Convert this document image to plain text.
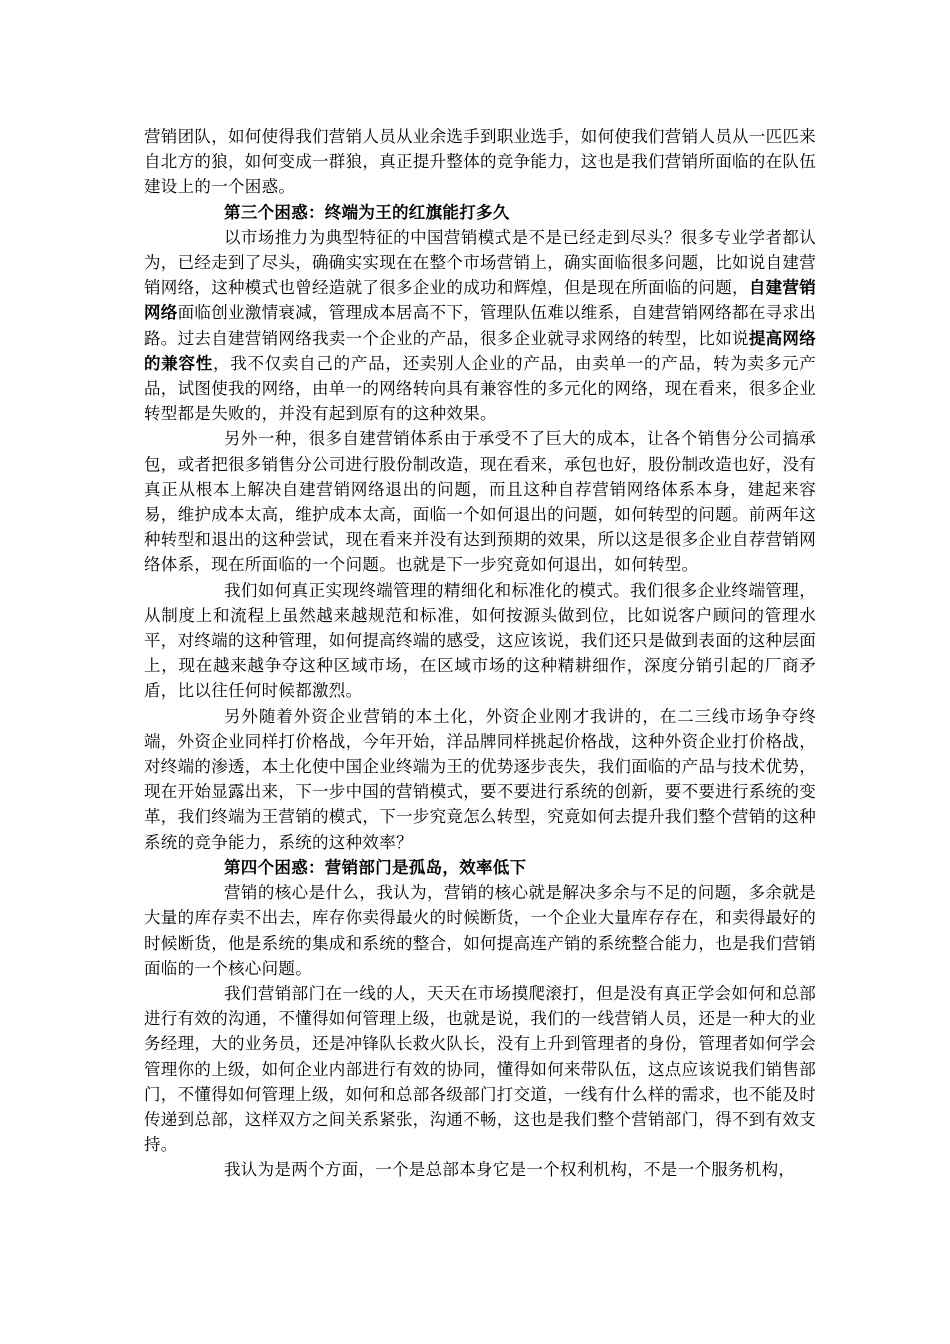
营销团队，如何使得我们营销人员从业余选手到职业选手，如何使我们营销人员从一匹匹来自北方的狼，如何变成一群狼，真正提升整体的竞争能力，这也是我们营销所面临的在队伍建设上的一个困惑。

第三个困惑：终端为王的红旗能打多久

以市场推力为典型特征的中国营销模式是不是已经走到尽头？很多专业学者都认为，已经走到了尽头，确确实实现在在整个市场营销上，确实面临很多问题，比如说自建营销网络，这种模式也曾经造就了很多企业的成功和辉煌，但是现在所面临的问题，自建营销网络面临创业激情衰减，管理成本居高不下，管理队伍难以维系，自建营销网络都在寻求出路。过去自建营销网络我卖一个企业的产品，很多企业就寻求网络的转型，比如说提高网络的兼容性，我不仅卖自己的产品，还卖别人企业的产品，由卖单一的产品，转为卖多元产品，试图使我的网络，由单一的网络转向具有兼容性的多元化的网络，现在看来，很多企业转型都是失败的，并没有起到原有的这种效果。

另外一种，很多自建营销体系由于承受不了巨大的成本，让各个销售分公司搞承包，或者把很多销售分公司进行股份制改造，现在看来，承包也好，股份制改造也好，没有真正从根本上解决自建营销网络退出的问题，而且这种自荐营销网络体系本身，建起来容易，维护成本太高，维护成本太高，面临一个如何退出的问题，如何转型的问题。前两年这种转型和退出的这种尝试，现在看来并没有达到预期的效果，所以这是很多企业自荐营销网络体系，现在所面临的一个问题。也就是下一步究竟如何退出，如何转型。

我们如何真正实现终端管理的精细化和标准化的模式。我们很多企业终端管理，从制度上和流程上虽然越来越规范和标准，如何按源头做到位，比如说客户顾问的管理水平，对终端的这种管理，如何提高终端的感受，这应该说，我们还只是做到表面的这种层面上，现在越来越争夺这种区域市场，在区域市场的这种精耕细作，深度分销引起的厂商矛盾，比以往任何时候都激烈。

另外随着外资企业营销的本土化，外资企业刚才我讲的，在二三线市场争夺终端，外资企业同样打价格战，今年开始，洋品牌同样挑起价格战，这种外资企业打价格战，对终端的渗透，本土化使中国企业终端为王的优势逐步丧失，我们面临的产品与技术优势，现在开始显露出来，下一步中国的营销模式，要不要进行系统的创新，要不要进行系统的变革，我们终端为王营销的模式，下一步究竟怎么转型，究竟如何去提升我们整个营销的这种系统的竞争能力，系统的这种效率？

第四个困惑：营销部门是孤岛，效率低下

营销的核心是什么，我认为，营销的核心就是解决多余与不足的问题，多余就是大量的库存卖不出去，库存你卖得最火的时候断货，一个企业大量库存存在，和卖得最好的时候断货，他是系统的集成和系统的整合，如何提高连产销的系统整合能力，也是我们营销面临的一个核心问题。

我们营销部门在一线的人，天天在市场摸爬滚打，但是没有真正学会如何和总部进行有效的沟通，不懂得如何管理上级，也就是说，我们的一线营销人员，还是一种大的业务经理，大的业务员，还是冲锋队长救火队长，没有上升到管理者的身份，管理者如何学会管理你的上级，如何企业内部进行有效的协同，懂得如何来带队伍，这点应该说我们销售部门，不懂得如何管理上级，如何和总部各级部门打交道，一线有什么样的需求，也不能及时传递到总部，这样双方之间关系紧张，沟通不畅，这也是我们整个营销部门，得不到有效支持。

我认为是两个方面，一个是总部本身它是一个权利机构，不是一个服务机构，
